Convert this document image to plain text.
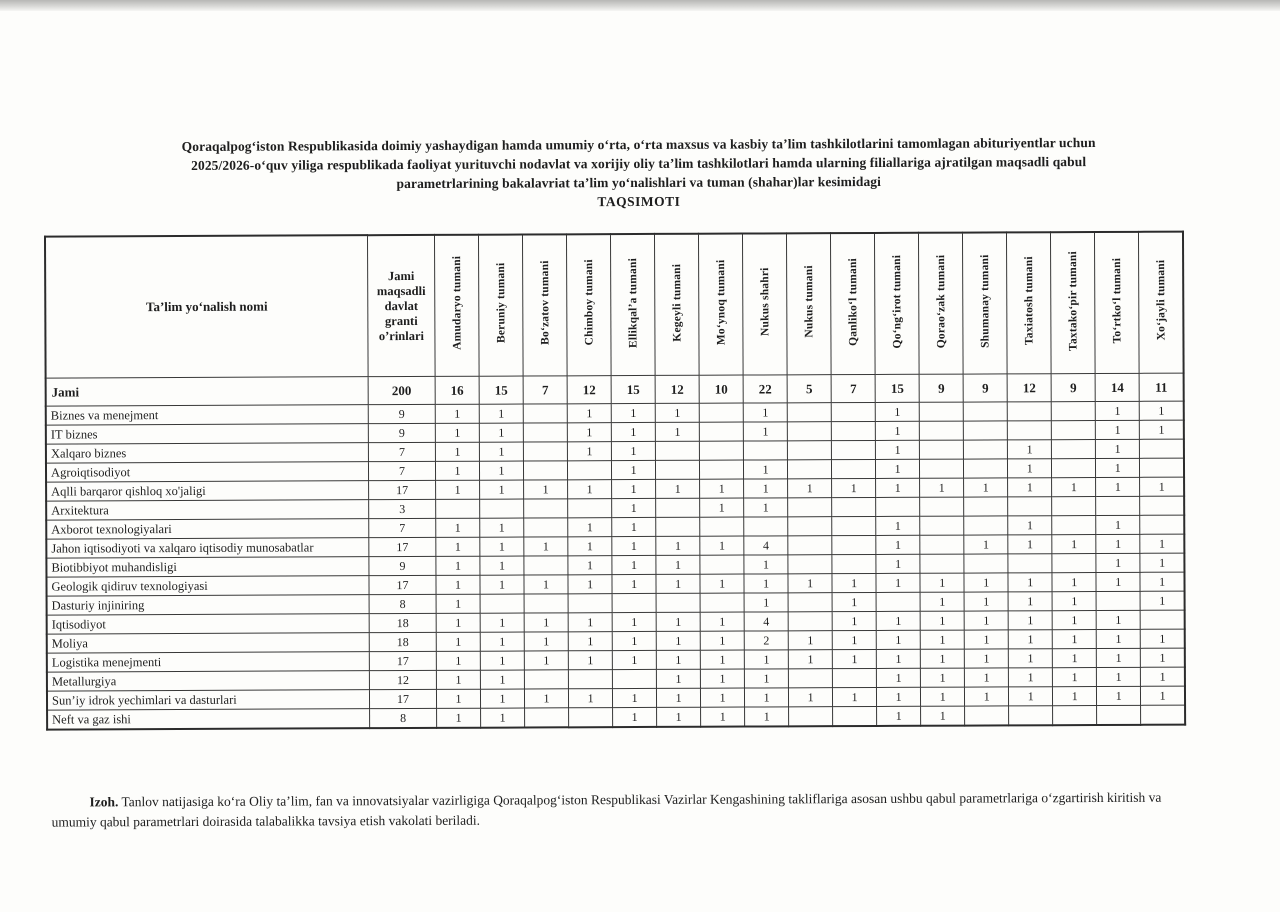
Qoraqalpog‘iston Respublikasida doimiy yashaydigan hamda umumiy o‘rta, o‘rta maxsus va kasbiy ta’lim tashkilotlarini tamomlagan abituriyentlar uchun
2025/2026-o‘quv yiliga respublikada faoliyat yurituvchi nodavlat va xorijiy oliy ta’lim tashkilotlari hamda ularning filiallariga ajratilgan maqsadli qabul
parametrlarining bakalavriat ta’lim yo‘nalishlari va tuman (shahar)lar kesimidagi
TAQSIMOTI
Ta’lim yo‘nalish nomi	Jami maqsadli davlat granti o’rinlari	Amudaryo tumani	Beruniy tumani	Bo‘zatov tumani	Chimboy tumani	Ellikqal’a tumani	Kegeyli tumani	Mo‘ynoq tumani	Nukus shahri	Nukus tumani	Qanliko‘l tumani	Qo‘ng‘irot tumani	Qorao‘zak tumani	Shumanay tumani	Taxiatosh tumani	Taxtako‘pir tumani	To‘rtko‘l tumani	Xo‘jayli tumani
Jami	200	16	15	7	12	15	12	10	22	5	7	15	9	9	12	9	14	11
Biznes va menejment	9	1	1		1	1	1		1			1					1	1
IT biznes	9	1	1		1	1	1		1			1					1	1
Xalqaro biznes	7	1	1		1	1						1			1		1	
Agroiqtisodiyot	7	1	1			1			1			1			1		1	
Aqlli barqaror qishloq xo'jaligi	17	1	1	1	1	1	1	1	1	1	1	1	1	1	1	1	1	1
Arxitektura	3					1		1	1									
Axborot texnologiyalari	7	1	1		1	1						1			1		1	
Jahon iqtisodiyoti va xalqaro iqtisodiy munosabatlar	17	1	1	1	1	1	1	1	4			1		1	1	1	1	1
Biotibbiyot muhandisligi	9	1	1		1	1	1		1			1					1	1
Geologik qidiruv texnologiyasi	17	1	1	1	1	1	1	1	1	1	1	1	1	1	1	1	1	1
Dasturiy injiniring	8	1							1		1		1	1	1	1		1
Iqtisodiyot	18	1	1	1	1	1	1	1	4		1	1	1	1	1	1	1	
Moliya	18	1	1	1	1	1	1	1	2	1	1	1	1	1	1	1	1	1
Logistika menejmenti	17	1	1	1	1	1	1	1	1	1	1	1	1	1	1	1	1	1
Metallurgiya	12	1	1				1	1	1			1	1	1	1	1	1	1
Sun’iy idrok yechimlari va dasturlari	17	1	1	1	1	1	1	1	1	1	1	1	1	1	1	1	1	1
Neft va gaz ishi	8	1	1			1	1	1	1			1	1					
Izoh. Tanlov natijasiga ko‘ra Oliy ta’lim, fan va innovatsiyalar vazirligiga Qoraqalpog‘iston Respublikasi Vazirlar Kengashining takliflariga asosan ushbu qabul parametrlariga o‘zgartirish kiritish va umumiy qabul parametrlari doirasida talabalikka tavsiya etish vakolati beriladi.
